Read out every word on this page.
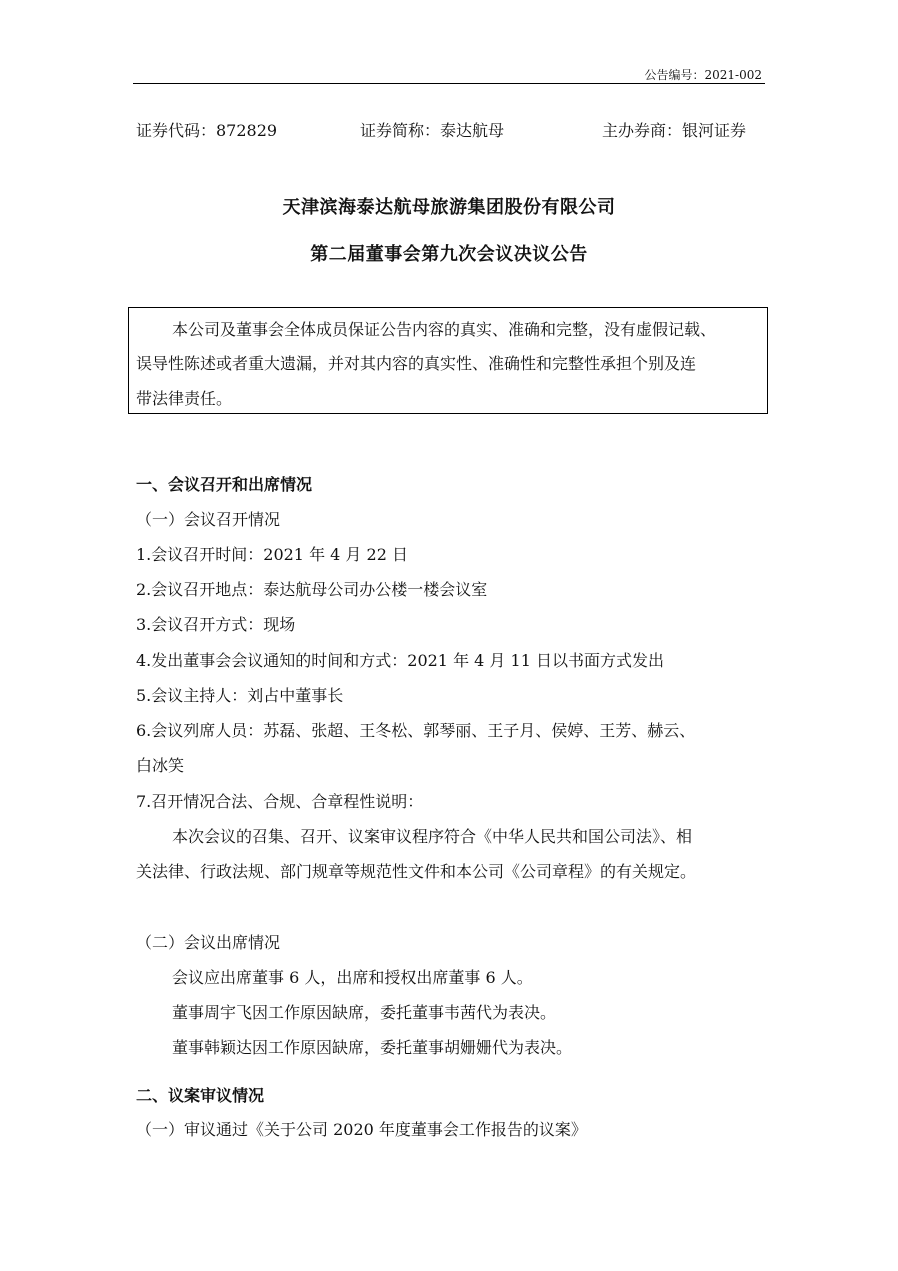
公告编号：2021-002
证券代码：872829	证券简称：泰达航母	主办券商：银河证券
天津滨海泰达航母旅游集团股份有限公司
第二届董事会第九次会议决议公告
本公司及董事会全体成员保证公告内容的真实、准确和完整，没有虚假记载、
误导性陈述或者重大遗漏，并对其内容的真实性、准确性和完整性承担个别及连
带法律责任。
一、会议召开和出席情况
（一）会议召开情况
1.会议召开时间：2021 年 4 月 22 日
2.会议召开地点：泰达航母公司办公楼一楼会议室
3.会议召开方式：现场
4.发出董事会会议通知的时间和方式：2021 年 4 月 11 日以书面方式发出
5.会议主持人：刘占中董事长
6.会议列席人员：苏磊、张超、王冬松、郭琴丽、王子月、侯婷、王芳、赫云、
白冰笑
7.召开情况合法、合规、合章程性说明：
本次会议的召集、召开、议案审议程序符合《中华人民共和国公司法》、相
关法律、行政法规、部门规章等规范性文件和本公司《公司章程》的有关规定。
（二）会议出席情况
会议应出席董事 6 人，出席和授权出席董事 6 人。
董事周宇飞因工作原因缺席，委托董事韦茜代为表决。
董事韩颖达因工作原因缺席，委托董事胡姗姗代为表决。
二、议案审议情况
（一）审议通过《关于公司 2020 年度董事会工作报告的议案》
